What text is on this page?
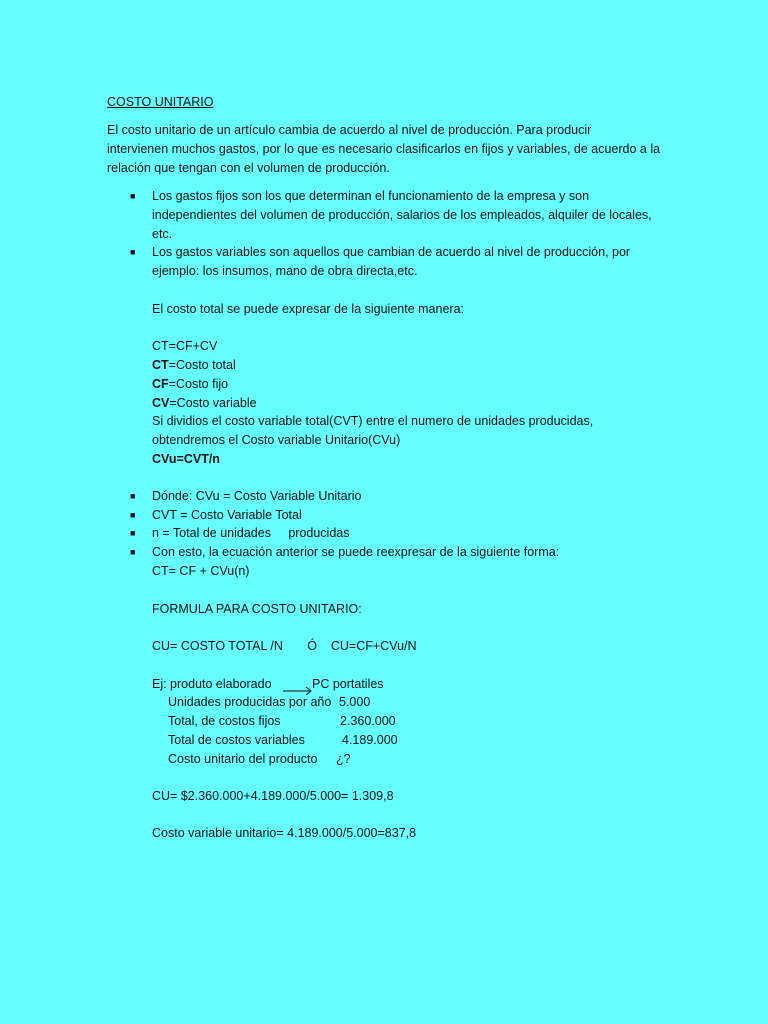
COSTO UNITARIO
El costo unitario de un artículo cambia de acuerdo al nivel de producción. Para producir
intervienen muchos gastos, por lo que es necesario clasificarlos en fijos y variables, de acuerdo a la
relación que tengan con el volumen de producción.
■ Los gastos fijos son los que determinan el funcionamiento de la empresa y son
independientes del volumen de producción, salarios de los empleados, alquiler de locales,
etc.
■ Los gastos variables son aquellos que cambian de acuerdo al nivel de producción, por
ejemplo: los insumos, mano de obra directa,etc.
El costo total se puede expresar de la siguiente manera:
CT=CF+CV
CT=Costo total
CF=Costo fijo
CV=Costo variable
Si dividios el costo variable total(CVT) entre el numero de unidades producidas,
obtendremos el Costo variable Unitario(CVu)
CVu=CVT/n
■ Dónde: CVu = Costo Variable Unitario
■ CVT = Costo Variable Total
■ n = Total de unidades     producidas
■ Con esto, la ecuación anterior se puede reexpresar de la siguiente forma:
CT= CF + CVu(n)
FORMULA PARA COSTO UNITARIO:
CU= COSTO TOTAL /N       Ó    CU=CF+CVu/N
Ej: produto elaborado	PC portatiles
Unidades producidas por año 5.000
Total, de costos fijos	2.360.000
Total de costos variables	4.189.000
Costo unitario del producto ¿?
CU= $2.360.000+4.189.000/5.000= 1.309,8
Costo variable unitario= 4.189.000/5.000=837,8
